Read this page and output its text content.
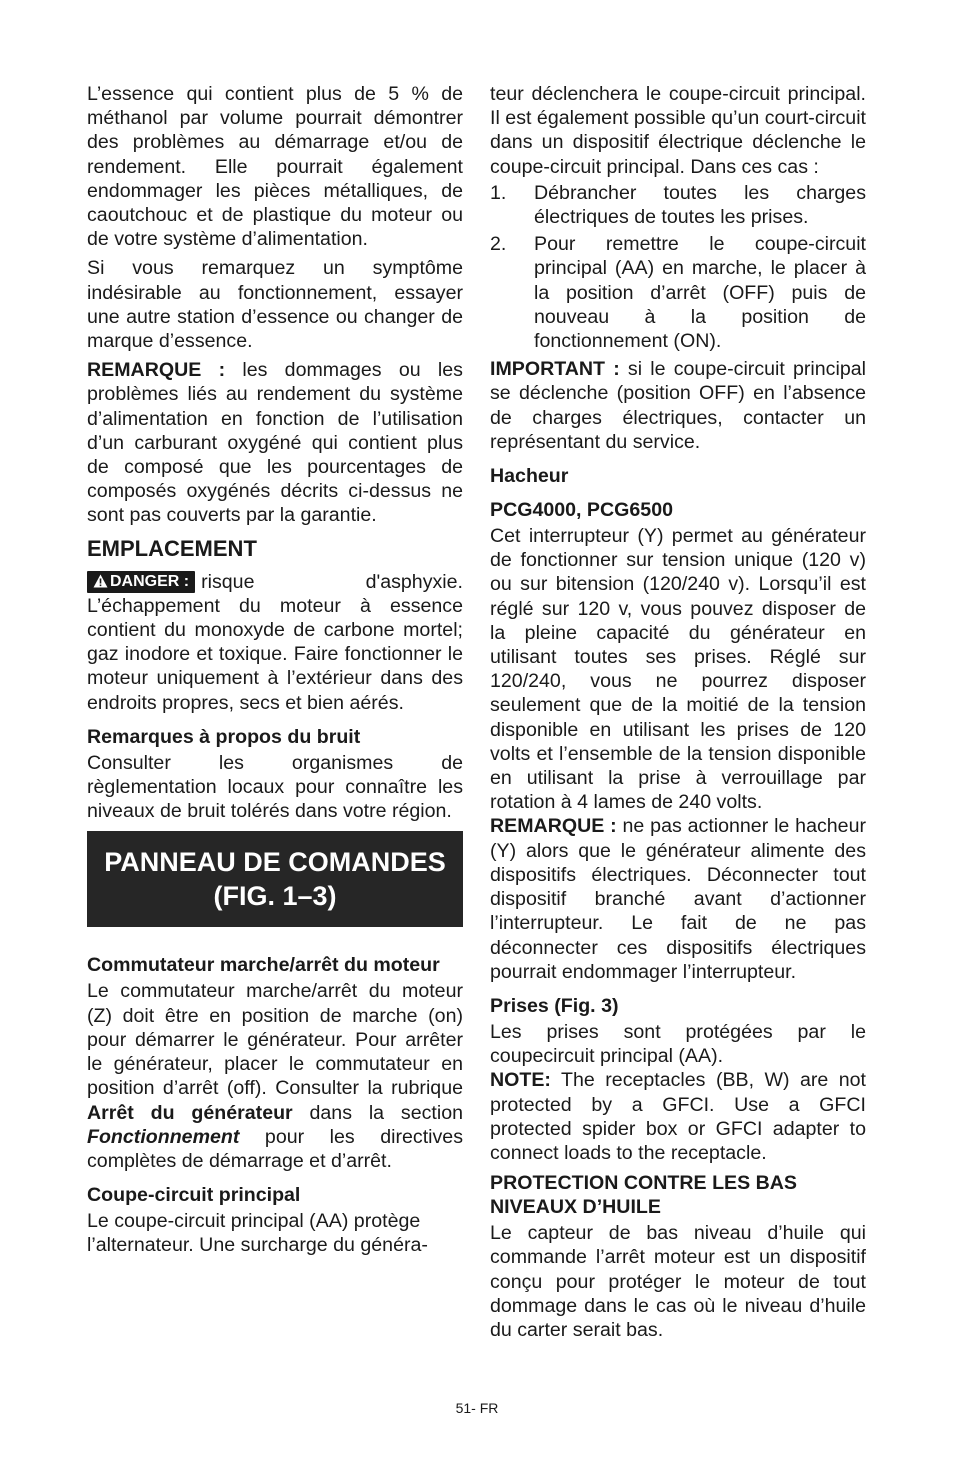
L’essence qui contient plus de 5 % de méthanol par volume pourrait démontrer des problèmes au démarrage et/ou de rendement. Elle pourrait également endommager les pièces métalliques, de caoutchouc et de plastique du moteur ou de votre système d’alimentation.

Si vous remarquez un symptôme indésirable au fonctionnement, essayer une autre station d’essence ou changer de marque d’essence.

REMARQUE : les dommages ou les problèmes liés au rendement du système d’alimentation en fonction de l’utilisation d’un carburant oxygéné qui contient plus de composé que les pourcentages de composés oxygénés décrits ci-dessus ne sont pas couverts par la garantie.

EMPLACEMENT

DANGER : risque d'asphyxie. L’échappement du moteur à essence contient du monoxyde de carbone mortel; gaz inodore et toxique. Faire fonctionner le moteur uniquement à l’extérieur dans des endroits propres, secs et bien aérés.

Remarques à propos du bruit

Consulter les organismes de règlementation locaux pour connaître les niveaux de bruit tolérés dans votre région.

PANNEAU DE COMANDES
(FIG. 1–3)
Commutateur marche/arrêt du moteur

Le commutateur marche/arrêt du moteur (Z) doit être en position de marche (on) pour démarrer le générateur. Pour arrêter le générateur, placer le commutateur en position d’arrêt (off). Consulter la rubrique Arrêt du générateur dans la section Fonctionnement pour les directives complètes de démarrage et d’arrêt.

Coupe-circuit principal

Le coupe-circuit principal (AA) protège l’alternateur. Une surcharge du généra-

teur déclenchera le coupe-circuit principal. Il est également possible qu’un court-circuit dans un dispositif électrique déclenche le coupe-circuit principal. Dans ces cas :

1.	Débrancher toutes les charges électriques de toutes les prises.
2.	Pour remettre le coupe-circuit principal (AA) en marche, le placer à la position d’arrêt (OFF) puis de nouveau à la position de fonctionnement (ON).

IMPORTANT : si le coupe-circuit principal se déclenche (position OFF) en l’absence de charges électriques, contacter un représentant du service.

Hacheur
PCG4000, PCG6500

Cet interrupteur (Y) permet au générateur de fonctionner sur tension unique (120 v) ou sur bitension (120/240 v). Lorsqu’il est réglé sur 120 v, vous pouvez disposer de la pleine capacité du générateur en utilisant toutes ses prises. Réglé sur 120/240, vous ne pourrez disposer seulement que de la moitié de la tension disponible en utilisant les prises de 120 volts et l’ensemble de la tension disponible en utilisant la prise à verrouillage par rotation à 4 lames de 240 volts.

REMARQUE : ne pas actionner le hacheur (Y) alors que le générateur alimente des dispositifs électriques. Déconnecter tout dispositif branché avant d’actionner l’interrupteur. Le fait de ne pas déconnecter ces dispositifs électriques pourrait endommager l’interrupteur.

Prises (Fig. 3)

Les prises sont protégées par le coupecircuit principal (AA).

NOTE: The receptacles (BB, W) are not protected by a GFCI. Use a GFCI protected spider box or GFCI adapter to connect loads to the receptacle.

PROTECTION CONTRE LES BAS NIVEAUX D’HUILE

Le capteur de bas niveau d’huile qui commande l’arrêt moteur est un dispositif conçu pour protéger le moteur de tout dommage dans le cas où le niveau d’huile du carter serait bas.

51- FR
